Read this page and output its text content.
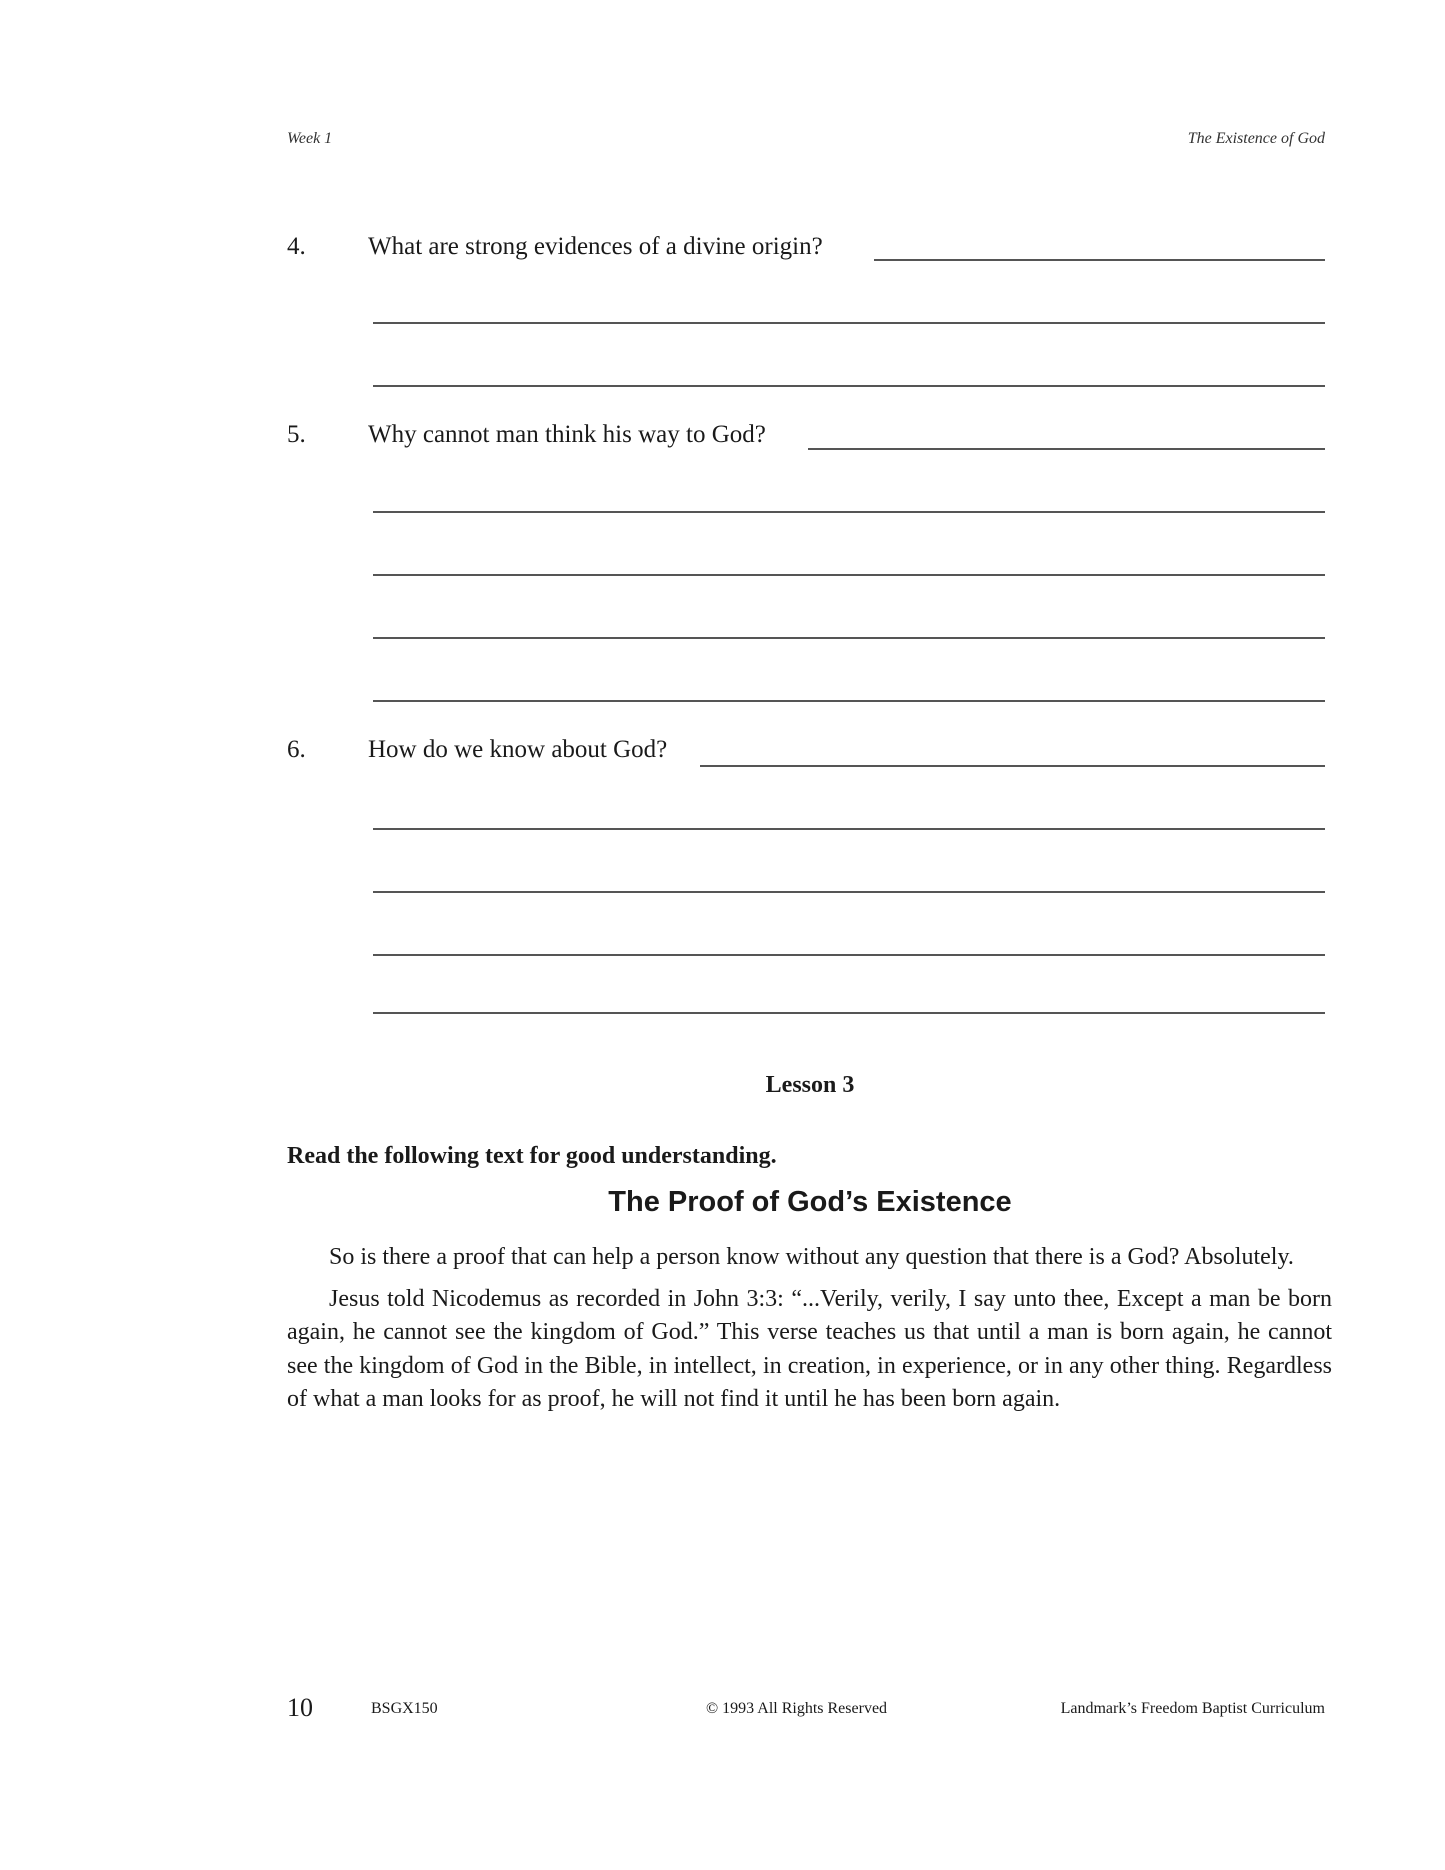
Week 1	The Existence of God
4. What are strong evidences of a divine origin?
5. Why cannot man think his way to God?
6. How do we know about God?
Lesson 3
Read the following text for good understanding.
The Proof of God’s Existence

So is there a proof that can help a person know without any question that there is a God? Absolutely.

Jesus told Nicodemus as recorded in John 3:3: “...Verily, verily, I say unto thee, Except a man be born again, he cannot see the kingdom of God.” This verse teaches us that until a man is born again, he cannot see the kingdom of God in the Bible, in intellect, in creation, in experience, or in any other thing. Regardless of what a man looks for as proof, he will not find it until he has been born again.

10	BSGX150	© 1993 All Rights Reserved	Landmark’s Freedom Baptist Curriculum
